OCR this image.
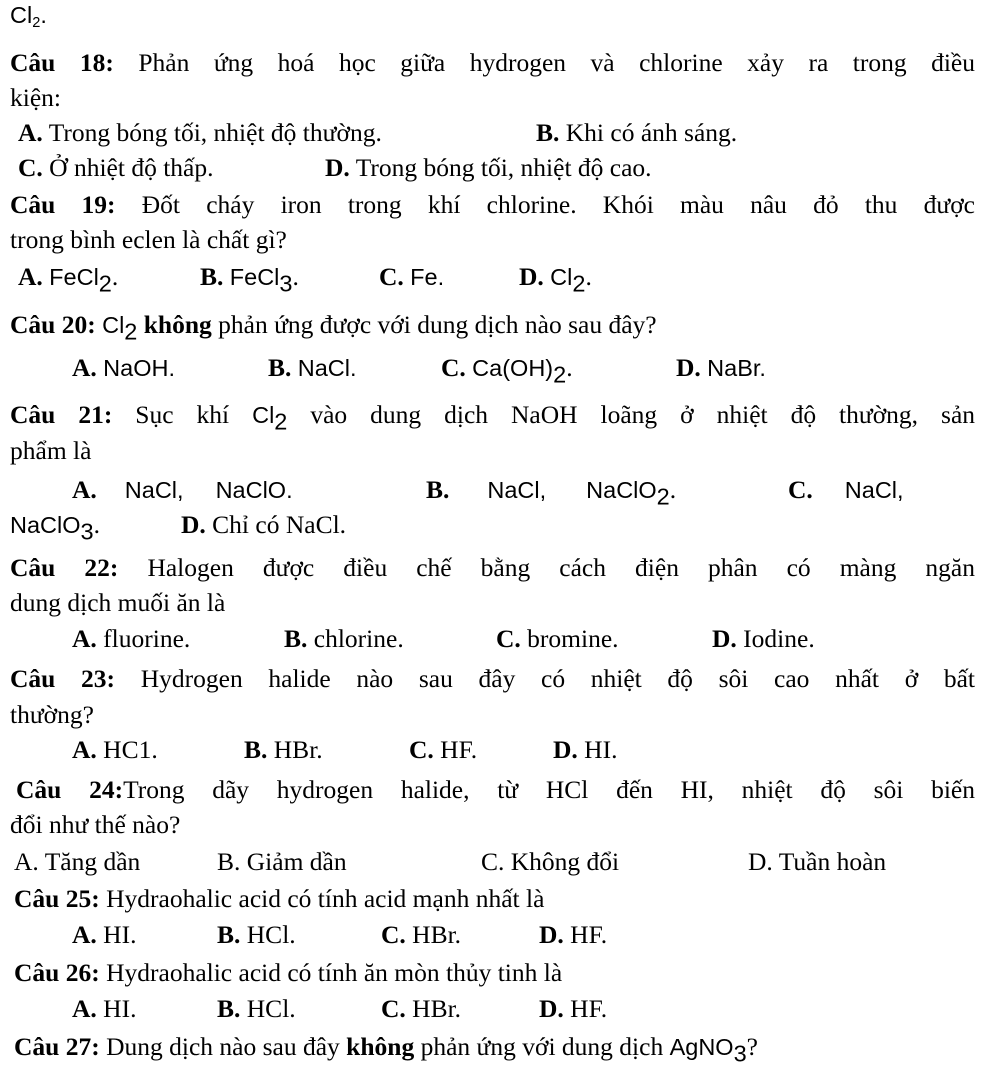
$Cl_2$.
Câu 18: Phản ứng hoá học giữa hydrogen và chlorine xảy ra trong điều
kiện:
A. Trong bóng tối, nhiệt độ thường.	B. Khi có ánh sáng.
C. Ở nhiệt độ thấp.	D. Trong bóng tối, nhiệt độ cao.
Câu 19: Đốt cháy iron trong khí chlorine. Khói màu nâu đỏ thu được
trong bình eclen là chất gì?
A. FeCl$_2$.	B. FeCl$_3$.	C. Fe.	D. $Cl_2$.
Câu 20: $Cl_2$ không phản ứng được với dung dịch nào sau đây?
A. NaOH.	B. NaCl.	C. $Ca(OH)_2$.	D. NaBr.
Câu 21: Sục khí $Cl_2$ vào dung dịch NaOH loãng ở nhiệt độ thường, sản
phẩm là
A. NaCl, NaClO.	B. NaCl, NaClO$_2$.	C. NaCl,
NaClO$_3$.	D. Chỉ có NaCl.
Câu 22: Halogen được điều chế bằng cách điện phân có màng ngăn
dung dịch muối ăn là
A. fluorine.	B. chlorine.	C. bromine.	D. Iodine.
Câu 23: Hydrogen halide nào sau đây có nhiệt độ sôi cao nhất ở bất
thường?
A. HC1.	B. HBr.	C. HF.	D. HI.
Câu 24:Trong dãy hydrogen halide, từ HCl đến HI, nhiệt độ sôi biến
đổi như thế nào?
A. Tăng dần	B. Giảm dần	C. Không đổi	D. Tuần hoàn
Câu 25: Hydraohalic acid có tính acid mạnh nhất là
A. HI.	B. HCl.	C. HBr.	D. HF.
Câu 26: Hydraohalic acid có tính ăn mòn thủy tinh là
A. HI.	B. HCl.	C. HBr.	D. HF.
Câu 27: Dung dịch nào sau đây không phản ứng với dung dịch AgNO$_3$?
